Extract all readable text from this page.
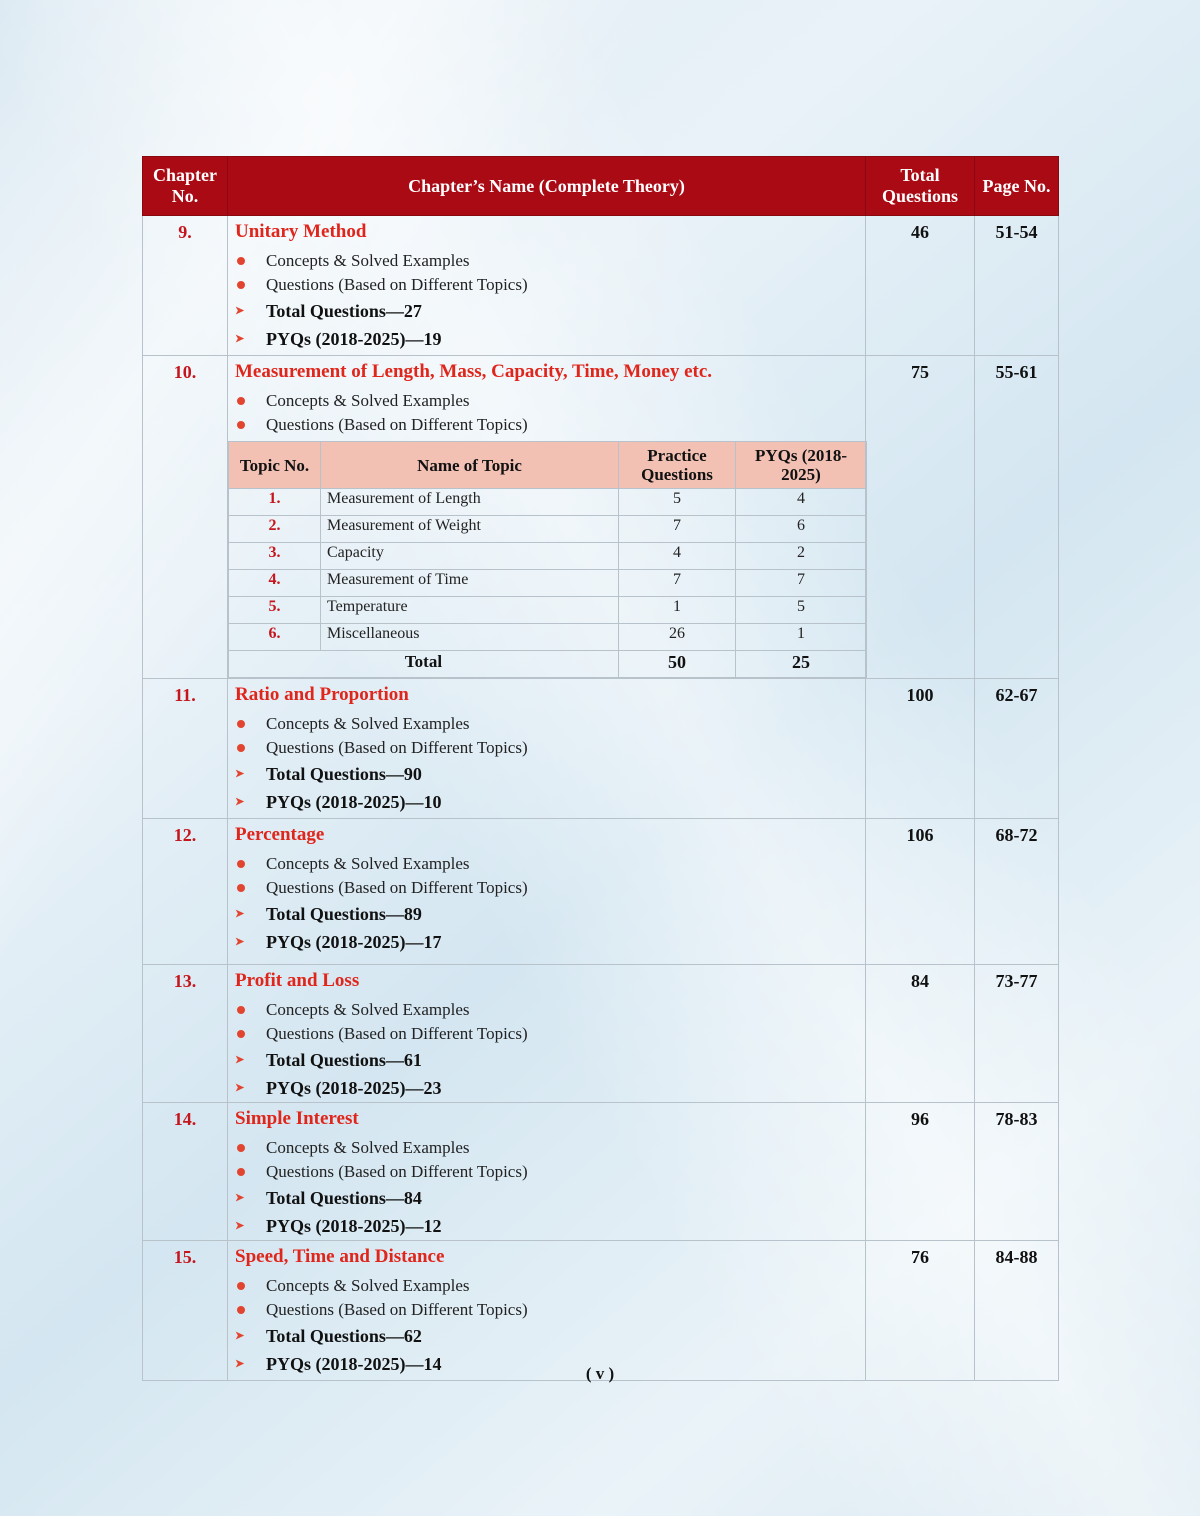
Chapter No.	Chapter’s Name (Complete Theory)	Total Questions	Page No.
9.	Unitary Method
Concepts & Solved Examples
Questions (Based on Different Topics)
➤ Total Questions—27
➤ PYQs (2018-2025)—19
	46	51-54
10.	Measurement of Length, Mass, Capacity, Time, Money etc.
Concepts & Solved Examples
Questions (Based on Different Topics)
Topic No.	Name of Topic	Practice Questions	PYQs (2018-2025)
1.	Measurement of Length	5	4
2.	Measurement of Weight	7	6
3.	Capacity	4	2
4.	Measurement of Time	7	7
5.	Temperature	1	5
6.	Miscellaneous	26	1
Total	50	25
	75	55-61
11.	Ratio and Proportion
Concepts & Solved Examples
Questions (Based on Different Topics)
➤ Total Questions—90
➤ PYQs (2018-2025)—10
	100	62-67
12.	Percentage
Concepts & Solved Examples
Questions (Based on Different Topics)
➤ Total Questions—89
➤ PYQs (2018-2025)—17
	106	68-72
13.	Profit and Loss
Concepts & Solved Examples
Questions (Based on Different Topics)
➤ Total Questions—61
➤ PYQs (2018-2025)—23
	84	73-77
14.	Simple Interest
Concepts & Solved Examples
Questions (Based on Different Topics)
➤ Total Questions—84
➤ PYQs (2018-2025)—12
	96	78-83
15.	Speed, Time and Distance
Concepts & Solved Examples
Questions (Based on Different Topics)
➤ Total Questions—62
➤ PYQs (2018-2025)—14
	76	84-88
( v )
